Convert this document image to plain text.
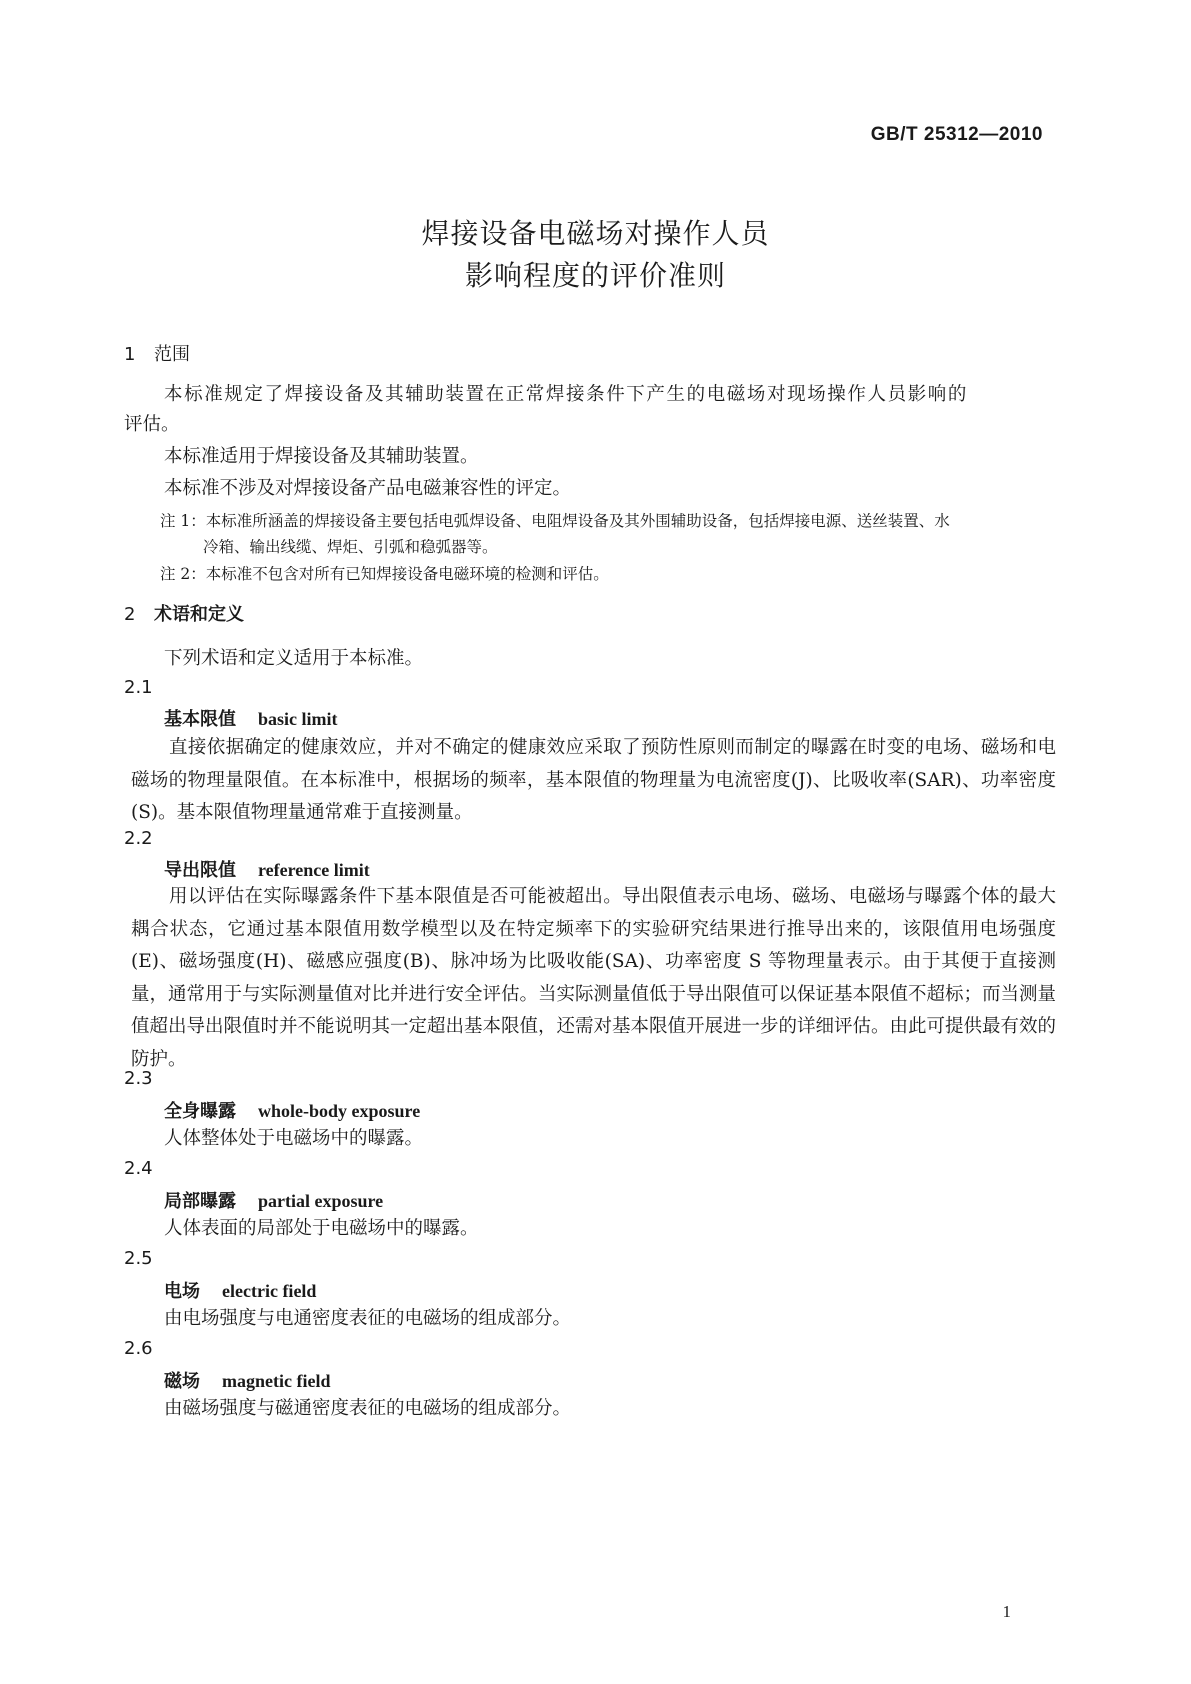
GB/T 25312—2010
焊接设备电磁场对操作人员
影响程度的评价准则
1 范围
本标准规定了焊接设备及其辅助装置在正常焊接条件下产生的电磁场对现场操作人员影响的
评估。
本标准适用于焊接设备及其辅助装置。
本标准不涉及对焊接设备产品电磁兼容性的评定。
注 1：本标准所涵盖的焊接设备主要包括电弧焊设备、电阻焊设备及其外围辅助设备，包括焊接电源、送丝装置、水
冷箱、输出线缆、焊炬、引弧和稳弧器等。
注 2：本标准不包含对所有已知焊接设备电磁环境的检测和评估。
2 术语和定义
下列术语和定义适用于本标准。
2.1
基本限值 basic limit
直接依据确定的健康效应，并对不确定的健康效应采取了预防性原则而制定的曝露在时变的电场、磁场和电磁场的物理量限值。在本标准中，根据场的频率，基本限值的物理量为电流密度(J)、比吸收率(SAR)、功率密度(S)。基本限值物理量通常难于直接测量。
2.2
导出限值 reference limit
用以评估在实际曝露条件下基本限值是否可能被超出。导出限值表示电场、磁场、电磁场与曝露个体的最大耦合状态，它通过基本限值用数学模型以及在特定频率下的实验研究结果进行推导出来的，该限值用电场强度(E)、磁场强度(H)、磁感应强度(B)、脉冲场为比吸收能(SA)、功率密度 S 等物理量表示。由于其便于直接测量，通常用于与实际测量值对比并进行安全评估。当实际测量值低于导出限值可以保证基本限值不超标；而当测量值超出导出限值时并不能说明其一定超出基本限值，还需对基本限值开展进一步的详细评估。由此可提供最有效的防护。
2.3
全身曝露 whole-body exposure
人体整体处于电磁场中的曝露。
2.4
局部曝露 partial exposure
人体表面的局部处于电磁场中的曝露。
2.5
电场 electric field
由电场强度与电通密度表征的电磁场的组成部分。
2.6
磁场 magnetic field
由磁场强度与磁通密度表征的电磁场的组成部分。
1
